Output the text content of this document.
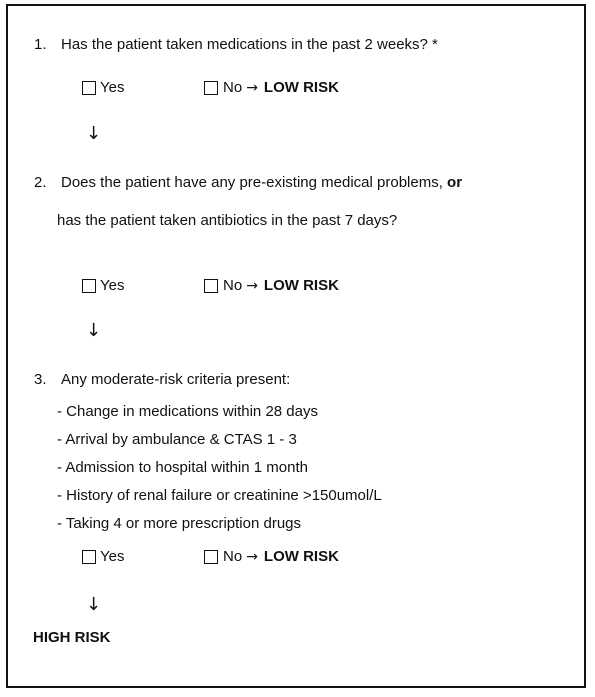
1. Has the patient taken medications in the past 2 weeks? *
Yes	No → LOW RISK
↓
2. Does the patient have any pre-existing medical problems, or
has the patient taken antibiotics in the past 7 days?
Yes	No → LOW RISK
↓
3. Any moderate-risk criteria present:
- Change in medications within 28 days
- Arrival by ambulance & CTAS 1 - 3
- Admission to hospital within 1 month
- History of renal failure or creatinine >150umol/L
- Taking 4 or more prescription drugs
Yes	No → LOW RISK
↓
HIGH RISK
